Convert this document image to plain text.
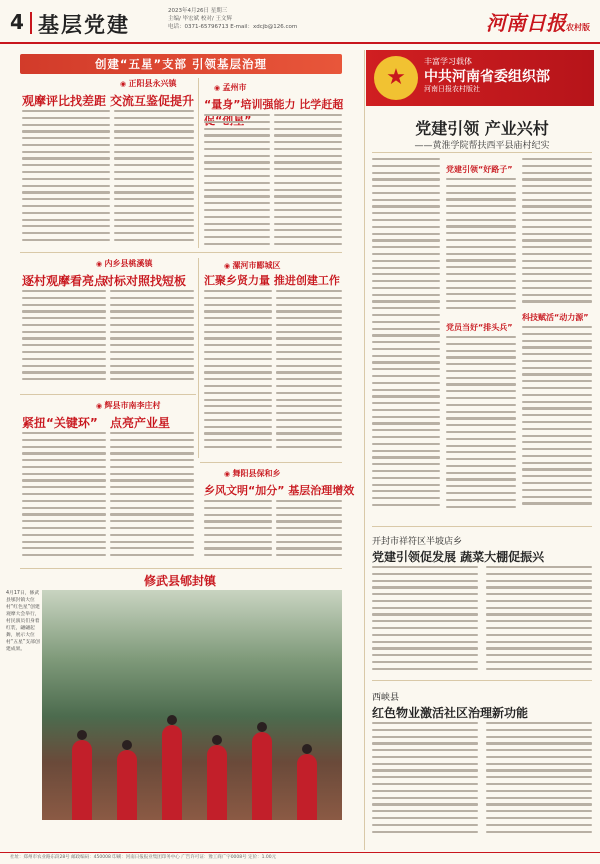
4 基层党建
2023年4月26日 星期三
主编/ 毕宏斌 校对/ 王文辉
电话：0371-65796713 E-mail：xdcjb@126.com	河南日报农村版
创建“五星”支部 引领基层治理
◉ 正阳县永兴镇
观摩评比找差距 交流互鉴促提升
◉ 孟州市
“量身”培训强能力 比学赶超
◉ 内乡县桃溪镇
逐村观摩看亮点
对标对照找短板
◉ 漯河市郾城区
汇聚乡贤力量 推进创建工作
◉ 辉县市南李庄村
紧扭“关键环” 点亮产业星
◉ 舞阳县保和乡
乡风文明“加分” 基层治理增效
修武县郇封镇
4月17日，修武县郇封镇大位村“红色星”创建观摩大会举行，村民演员们身着红装，翩翩起舞，展示大位村“五星”支部创建成果。
★
丰富学习载体
中共河南省委组织部
河南日报农村版社
党建引领 产业兴村
——黄淮学院帮扶西平县庙村纪实
党建引领“好路子”
党员当好“排头兵”
科技赋活“动力源”
开封市祥符区半坡店乡
党建引领促发展 蔬菜大棚促振兴
西峡县
红色物业激活社区治理新功能
社址：郑州市农业路东段28号 邮政编码：450008 印刷：河南日报报业集团印务中心 广告许可证：豫工商广字0008号 定价：1.00元
